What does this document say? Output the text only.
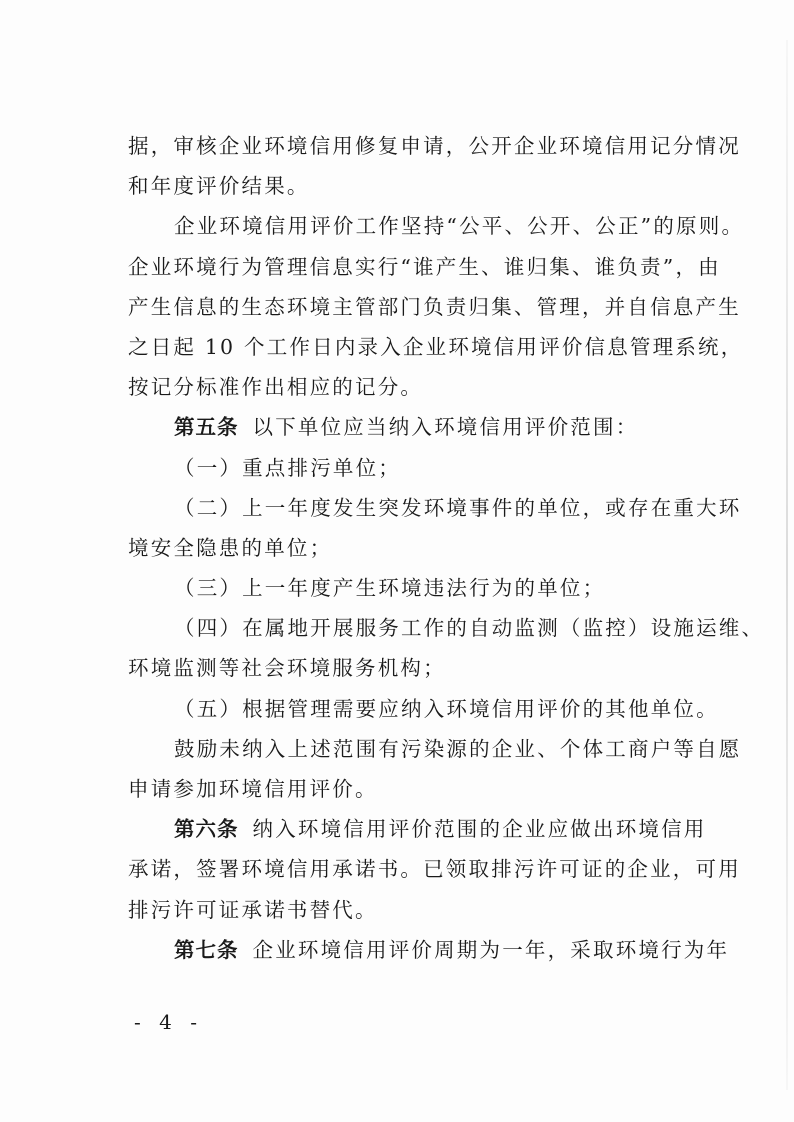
据，审核企业环境信用修复申请，公开企业环境信用记分情况
和年度评价结果。
企业环境信用评价工作坚持“公平、公开、公正”的原则。
企业环境行为管理信息实行“谁产生、谁归集、谁负责”，由
产生信息的生态环境主管部门负责归集、管理，并自信息产生
之日起 10 个工作日内录入企业环境信用评价信息管理系统，
按记分标准作出相应的记分。
第五条 以下单位应当纳入环境信用评价范围：
（一）重点排污单位；
（二）上一年度发生突发环境事件的单位，或存在重大环
境安全隐患的单位；
（三）上一年度产生环境违法行为的单位；
（四）在属地开展服务工作的自动监测（监控）设施运维、
环境监测等社会环境服务机构；
（五）根据管理需要应纳入环境信用评价的其他单位。
鼓励未纳入上述范围有污染源的企业、个体工商户等自愿
申请参加环境信用评价。
第六条 纳入环境信用评价范围的企业应做出环境信用
承诺，签署环境信用承诺书。已领取排污许可证的企业，可用
排污许可证承诺书替代。
第七条 企业环境信用评价周期为一年，采取环境行为年
- 4 -
